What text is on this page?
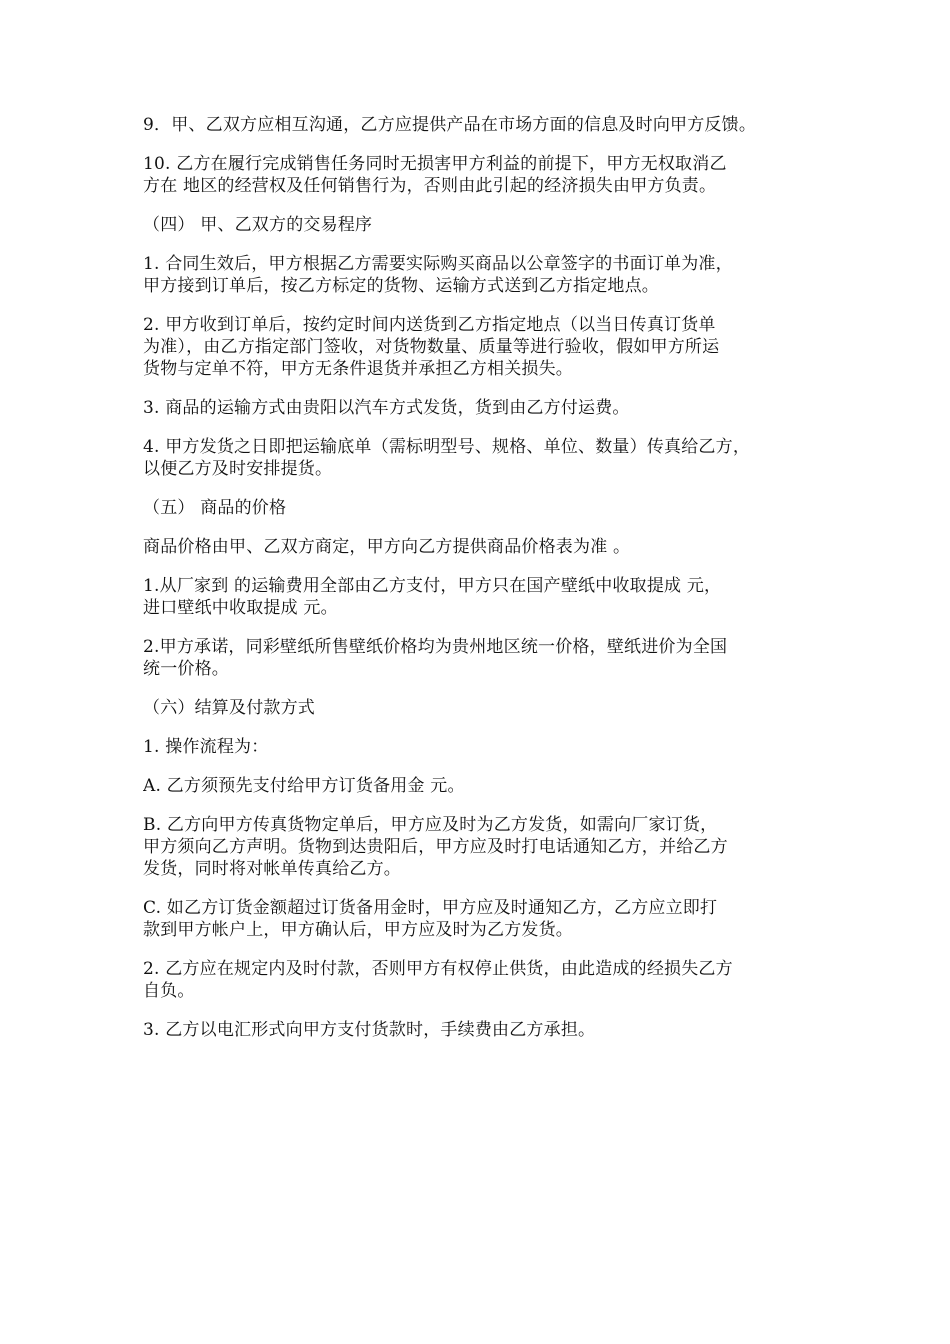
9．甲、乙双方应相互沟通，乙方应提供产品在市场方面的信息及时向甲方反馈。

10. 乙方在履行完成销售任务同时无损害甲方利益的前提下，甲方无权取消乙
方在 地区的经营权及任何销售行为，否则由此引起的经济损失由甲方负责。

（四） 甲、乙双方的交易程序

1. 合同生效后，甲方根据乙方需要实际购买商品以公章签字的书面订单为准，
甲方接到订单后，按乙方标定的货物、运输方式送到乙方指定地点。

2. 甲方收到订单后，按约定时间内送货到乙方指定地点（以当日传真订货单
为准），由乙方指定部门签收，对货物数量、质量等进行验收，假如甲方所运
货物与定单不符，甲方无条件退货并承担乙方相关损失。

3. 商品的运输方式由贵阳以汽车方式发货，货到由乙方付运费。

4. 甲方发货之日即把运输底单（需标明型号、规格、单位、数量）传真给乙方，
以便乙方及时安排提货。

（五） 商品的价格

商品价格由甲、乙双方商定，甲方向乙方提供商品价格表为准 。

1.从厂家到 的运输费用全部由乙方支付，甲方只在国产壁纸中收取提成 元，
进口壁纸中收取提成 元。

2.甲方承诺，同彩壁纸所售壁纸价格均为贵州地区统一价格，壁纸进价为全国
统一价格。

（六）结算及付款方式

1. 操作流程为：

A. 乙方须预先支付给甲方订货备用金 元。

B. 乙方向甲方传真货物定单后，甲方应及时为乙方发货，如需向厂家订货，
甲方须向乙方声明。货物到达贵阳后，甲方应及时打电话通知乙方，并给乙方
发货，同时将对帐单传真给乙方。

C. 如乙方订货金额超过订货备用金时，甲方应及时通知乙方，乙方应立即打
款到甲方帐户上，甲方确认后，甲方应及时为乙方发货。

2. 乙方应在规定内及时付款，否则甲方有权停止供货，由此造成的经损失乙方
自负。

3. 乙方以电汇形式向甲方支付货款时，手续费由乙方承担。
